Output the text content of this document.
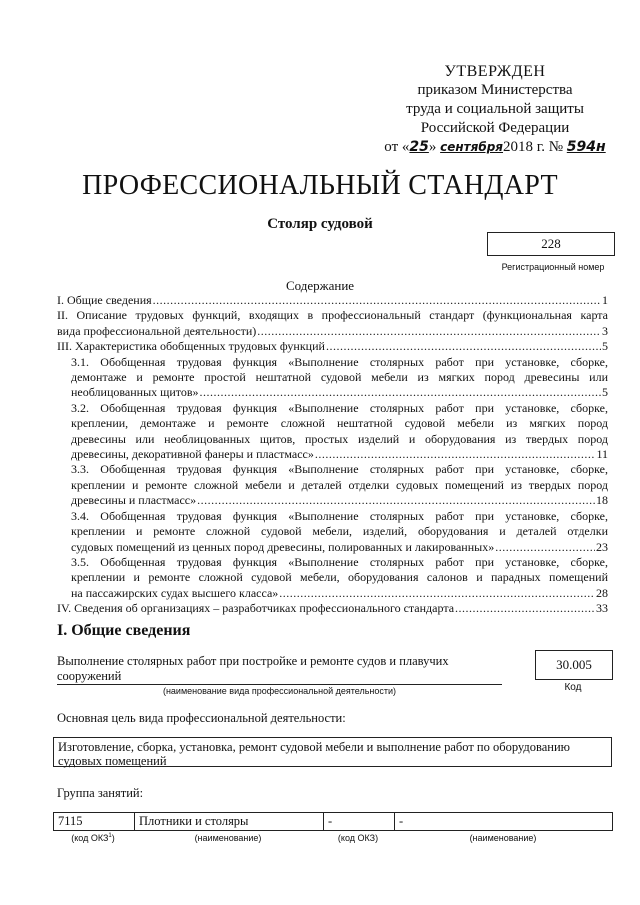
УТВЕРЖДЕН
приказом Министерства
труда и социальной защиты
Российской Федерации
от «25» сентября2018 г. № 594н
ПРОФЕССИОНАЛЬНЫЙ СТАНДАРТ
Столяр судовой
228
Регистрационный номер
Содержание
I. Общие сведения .....	1
II. Описание трудовых функций, входящих в профессиональный стандарт (функциональная карта
вида профессиональной деятельности) .....	3
III. Характеристика обобщенных трудовых функций .....	5
3.1. Обобщенная трудовая функция «Выполнение столярных работ при установке, сборке,
демонтаже и ремонте простой нештатной судовой мебели из мягких пород древесины или
необлицованных щитов» .....	5
3.2. Обобщенная трудовая функция «Выполнение столярных работ при установке, сборке,
креплении, демонтаже и ремонте сложной нештатной судовой мебели из мягких пород
древесины или необлицованных щитов, простых изделий и оборудования из твердых пород
древесины, декоративной фанеры и пластмасс» .....	11
3.3. Обобщенная трудовая функция «Выполнение столярных работ при установке, сборке,
креплении и ремонте сложной мебели и деталей отделки судовых помещений из твердых пород
древесины и пластмасс» .....	18
3.4. Обобщенная трудовая функция «Выполнение столярных работ при установке, сборке,
креплении и ремонте сложной судовой мебели, изделий, оборудования и деталей отделки
судовых помещений из ценных пород древесины, полированных и лакированных» .....	23
3.5. Обобщенная трудовая функция «Выполнение столярных работ при установке, сборке,
креплении и ремонте сложной судовой мебели, оборудования салонов и парадных помещений
на пассажирских судах высшего класса» .....	28
IV. Сведения об организациях – разработчиках профессионального стандарта .....	33
I. Общие сведения
Выполнение столярных работ при постройке и ремонте судов и плавучих
сооружений
(наименование вида профессиональной деятельности)
30.005
Код
Основная цель вида профессиональной деятельности:
Изготовление, сборка, установка, ремонт судовой мебели и выполнение работ по оборудованию
судовых помещений
Группа занятий:
7115	Плотники и столяры	-	-
(код ОКЗ$^1$)	(наименование)	(код ОКЗ)	(наименование)
